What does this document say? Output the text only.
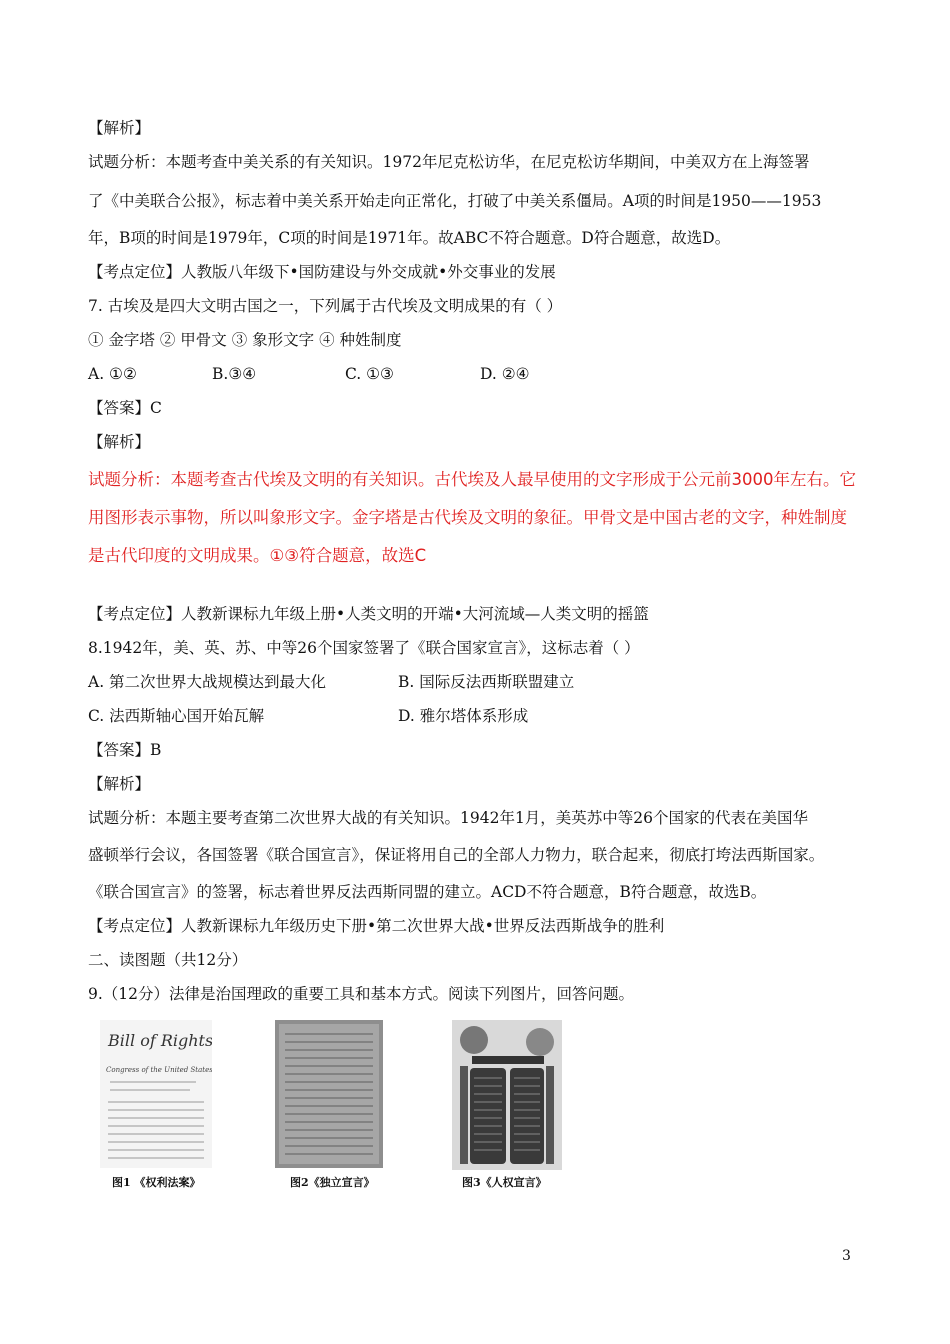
【解析】
试题分析：本题考查中美关系的有关知识。1972年尼克松访华，在尼克松访华期间，中美双方在上海签署
了《中美联合公报》，标志着中美关系开始走向正常化，打破了中美关系僵局。A项的时间是1950——1953
年，B项的时间是1979年，C项的时间是1971年。故ABC不符合题意。D符合题意，故选D。
【考点定位】人教版八年级下•国防建设与外交成就•外交事业的发展
7. 古埃及是四大文明古国之一，下列属于古代埃及文明成果的有（ ）
① 金字塔 ② 甲骨文 ③ 象形文字 ④ 种姓制度
A. ①②	B.③④	C. ①③	D. ②④
【答案】C
【解析】
试题分析：本题考查古代埃及文明的有关知识。古代埃及人最早使用的文字形成于公元前3000年左右。它
用图形表示事物，所以叫象形文字。金字塔是古代埃及文明的象征。甲骨文是中国古老的文字，种姓制度
是古代印度的文明成果。①③符合题意，故选C
【考点定位】人教新课标九年级上册•人类文明的开端•大河流域—人类文明的摇篮
8.1942年，美、英、苏、中等26个国家签署了《联合国家宣言》，这标志着（ ）
A. 第二次世界大战规模达到最大化	B. 国际反法西斯联盟建立
C. 法西斯轴心国开始瓦解	D. 雅尔塔体系形成
【答案】B
【解析】
试题分析：本题主要考查第二次世界大战的有关知识。1942年1月，美英苏中等26个国家的代表在美国华
盛顿举行会议，各国签署《联合国宣言》，保证将用自己的全部人力物力，联合起来，彻底打垮法西斯国家。
《联合国宣言》的签署，标志着世界反法西斯同盟的建立。ACD不符合题意，B符合题意，故选B。
【考点定位】人教新课标九年级历史下册•第二次世界大战•世界反法西斯战争的胜利
二、读图题（共12分）
9.（12分）法律是治国理政的重要工具和基本方式。阅读下列图片，回答问题。
Bill of Rights
Congress of the United States
图1 《权利法案》	图2《独立宣言》	图3《人权宣言》
3
